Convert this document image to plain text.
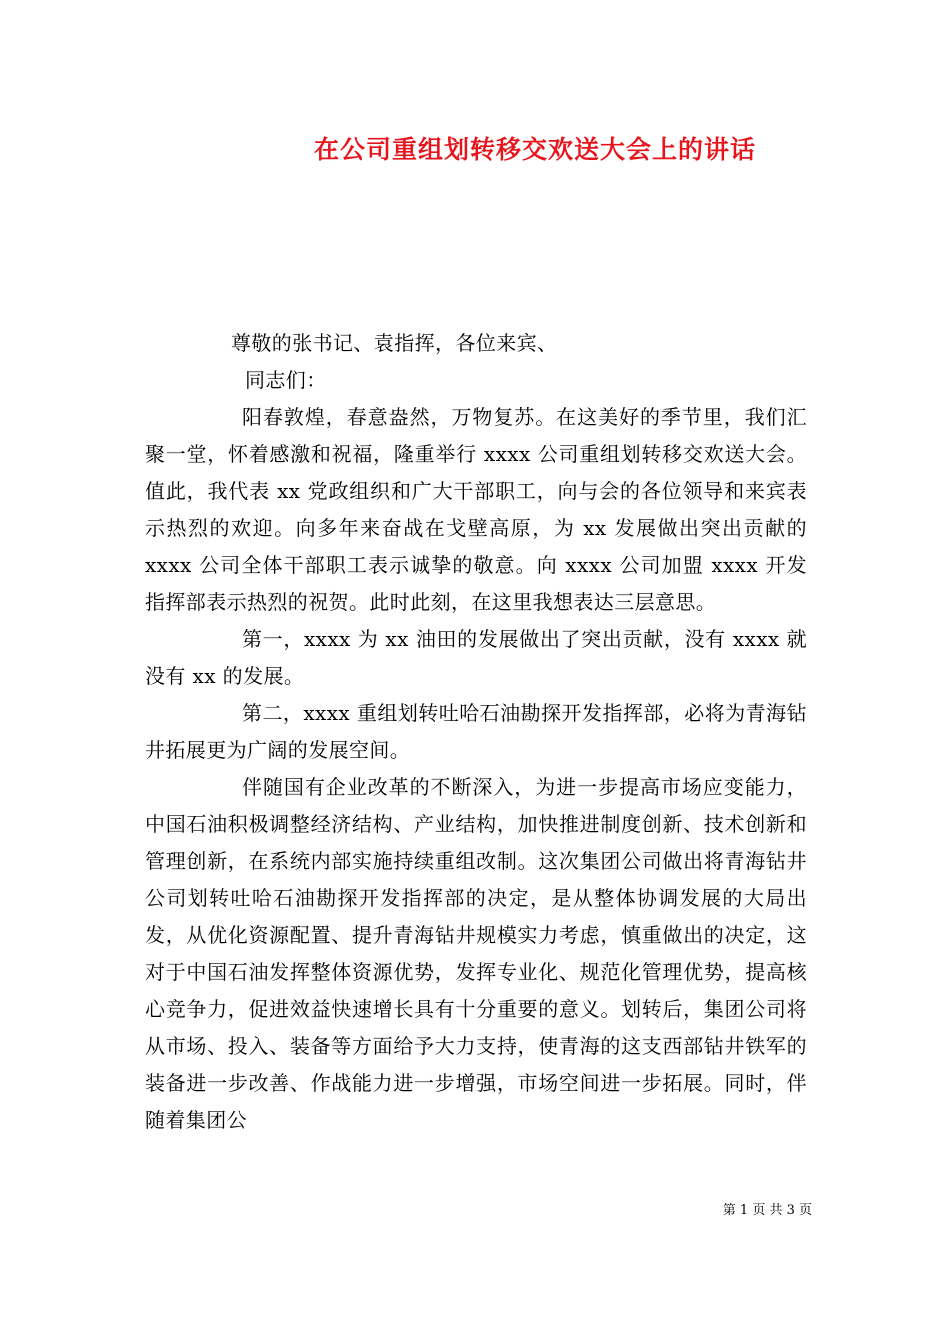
在公司重组划转移交欢送大会上的讲话

尊敬的张书记、袁指挥，各位来宾、

同志们：

阳春敦煌，春意盎然，万物复苏。在这美好的季节里，我们汇聚一堂，怀着感激和祝福，隆重举行 xxxx 公司重组划转移交欢送大会。值此，我代表 xx 党政组织和广大干部职工，向与会的各位领导和来宾表示热烈的欢迎。向多年来奋战在戈壁高原，为 xx 发展做出突出贡献的 xxxx 公司全体干部职工表示诚挚的敬意。向 xxxx 公司加盟 xxxx 开发指挥部表示热烈的祝贺。此时此刻，在这里我想表达三层意思。

第一，xxxx 为 xx 油田的发展做出了突出贡献，没有 xxxx 就没有 xx 的发展。

第二，xxxx 重组划转吐哈石油勘探开发指挥部，必将为青海钻井拓展更为广阔的发展空间。

伴随国有企业改革的不断深入，为进一步提高市场应变能力，中国石油积极调整经济结构、产业结构，加快推进制度创新、技术创新和管理创新，在系统内部实施持续重组改制。这次集团公司做出将青海钻井公司划转吐哈石油勘探开发指挥部的决定，是从整体协调发展的大局出发，从优化资源配置、提升青海钻井规模实力考虑，慎重做出的决定，这对于中国石油发挥整体资源优势，发挥专业化、规范化管理优势，提高核心竞争力，促进效益快速增长具有十分重要的意义。划转后，集团公司将从市场、投入、装备等方面给予大力支持，使青海的这支西部钻井铁军的装备进一步改善、作战能力进一步增强，市场空间进一步拓展。同时，伴随着集团公

第 1 页 共 3 页
